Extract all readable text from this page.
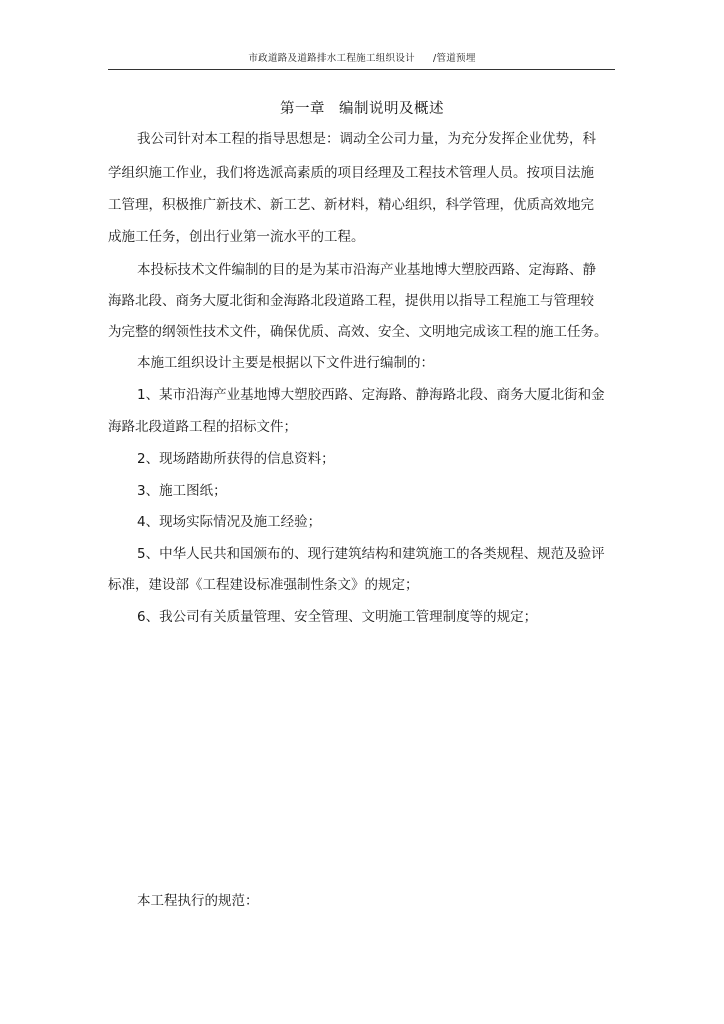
市政道路及道路排水工程施工组织设计 /管道预埋
第一章 编制说明及概述
我公司针对本工程的指导思想是：调动全公司力量，为充分发挥企业优势，科
学组织施工作业，我们将选派高素质的项目经理及工程技术管理人员。按项目法施
工管理，积极推广新技术、新工艺、新材料，精心组织，科学管理，优质高效地完
成施工任务，创出行业第一流水平的工程。
本投标技术文件编制的目的是为某市沿海产业基地博大塑胶西路、定海路、静
海路北段、商务大厦北街和金海路北段道路工程，提供用以指导工程施工与管理较
为完整的纲领性技术文件，确保优质、高效、安全、文明地完成该工程的施工任务。
本施工组织设计主要是根据以下文件进行编制的：
1、某市沿海产业基地博大塑胶西路、定海路、静海路北段、商务大厦北街和金
海路北段道路工程的招标文件；
2、现场踏勘所获得的信息资料；
3、施工图纸；
4、现场实际情况及施工经验；
5、中华人民共和国颁布的、现行建筑结构和建筑施工的各类规程、规范及验评
标准，建设部《工程建设标准强制性条文》的规定；
6、我公司有关质量管理、安全管理、文明施工管理制度等的规定；
本工程执行的规范：
